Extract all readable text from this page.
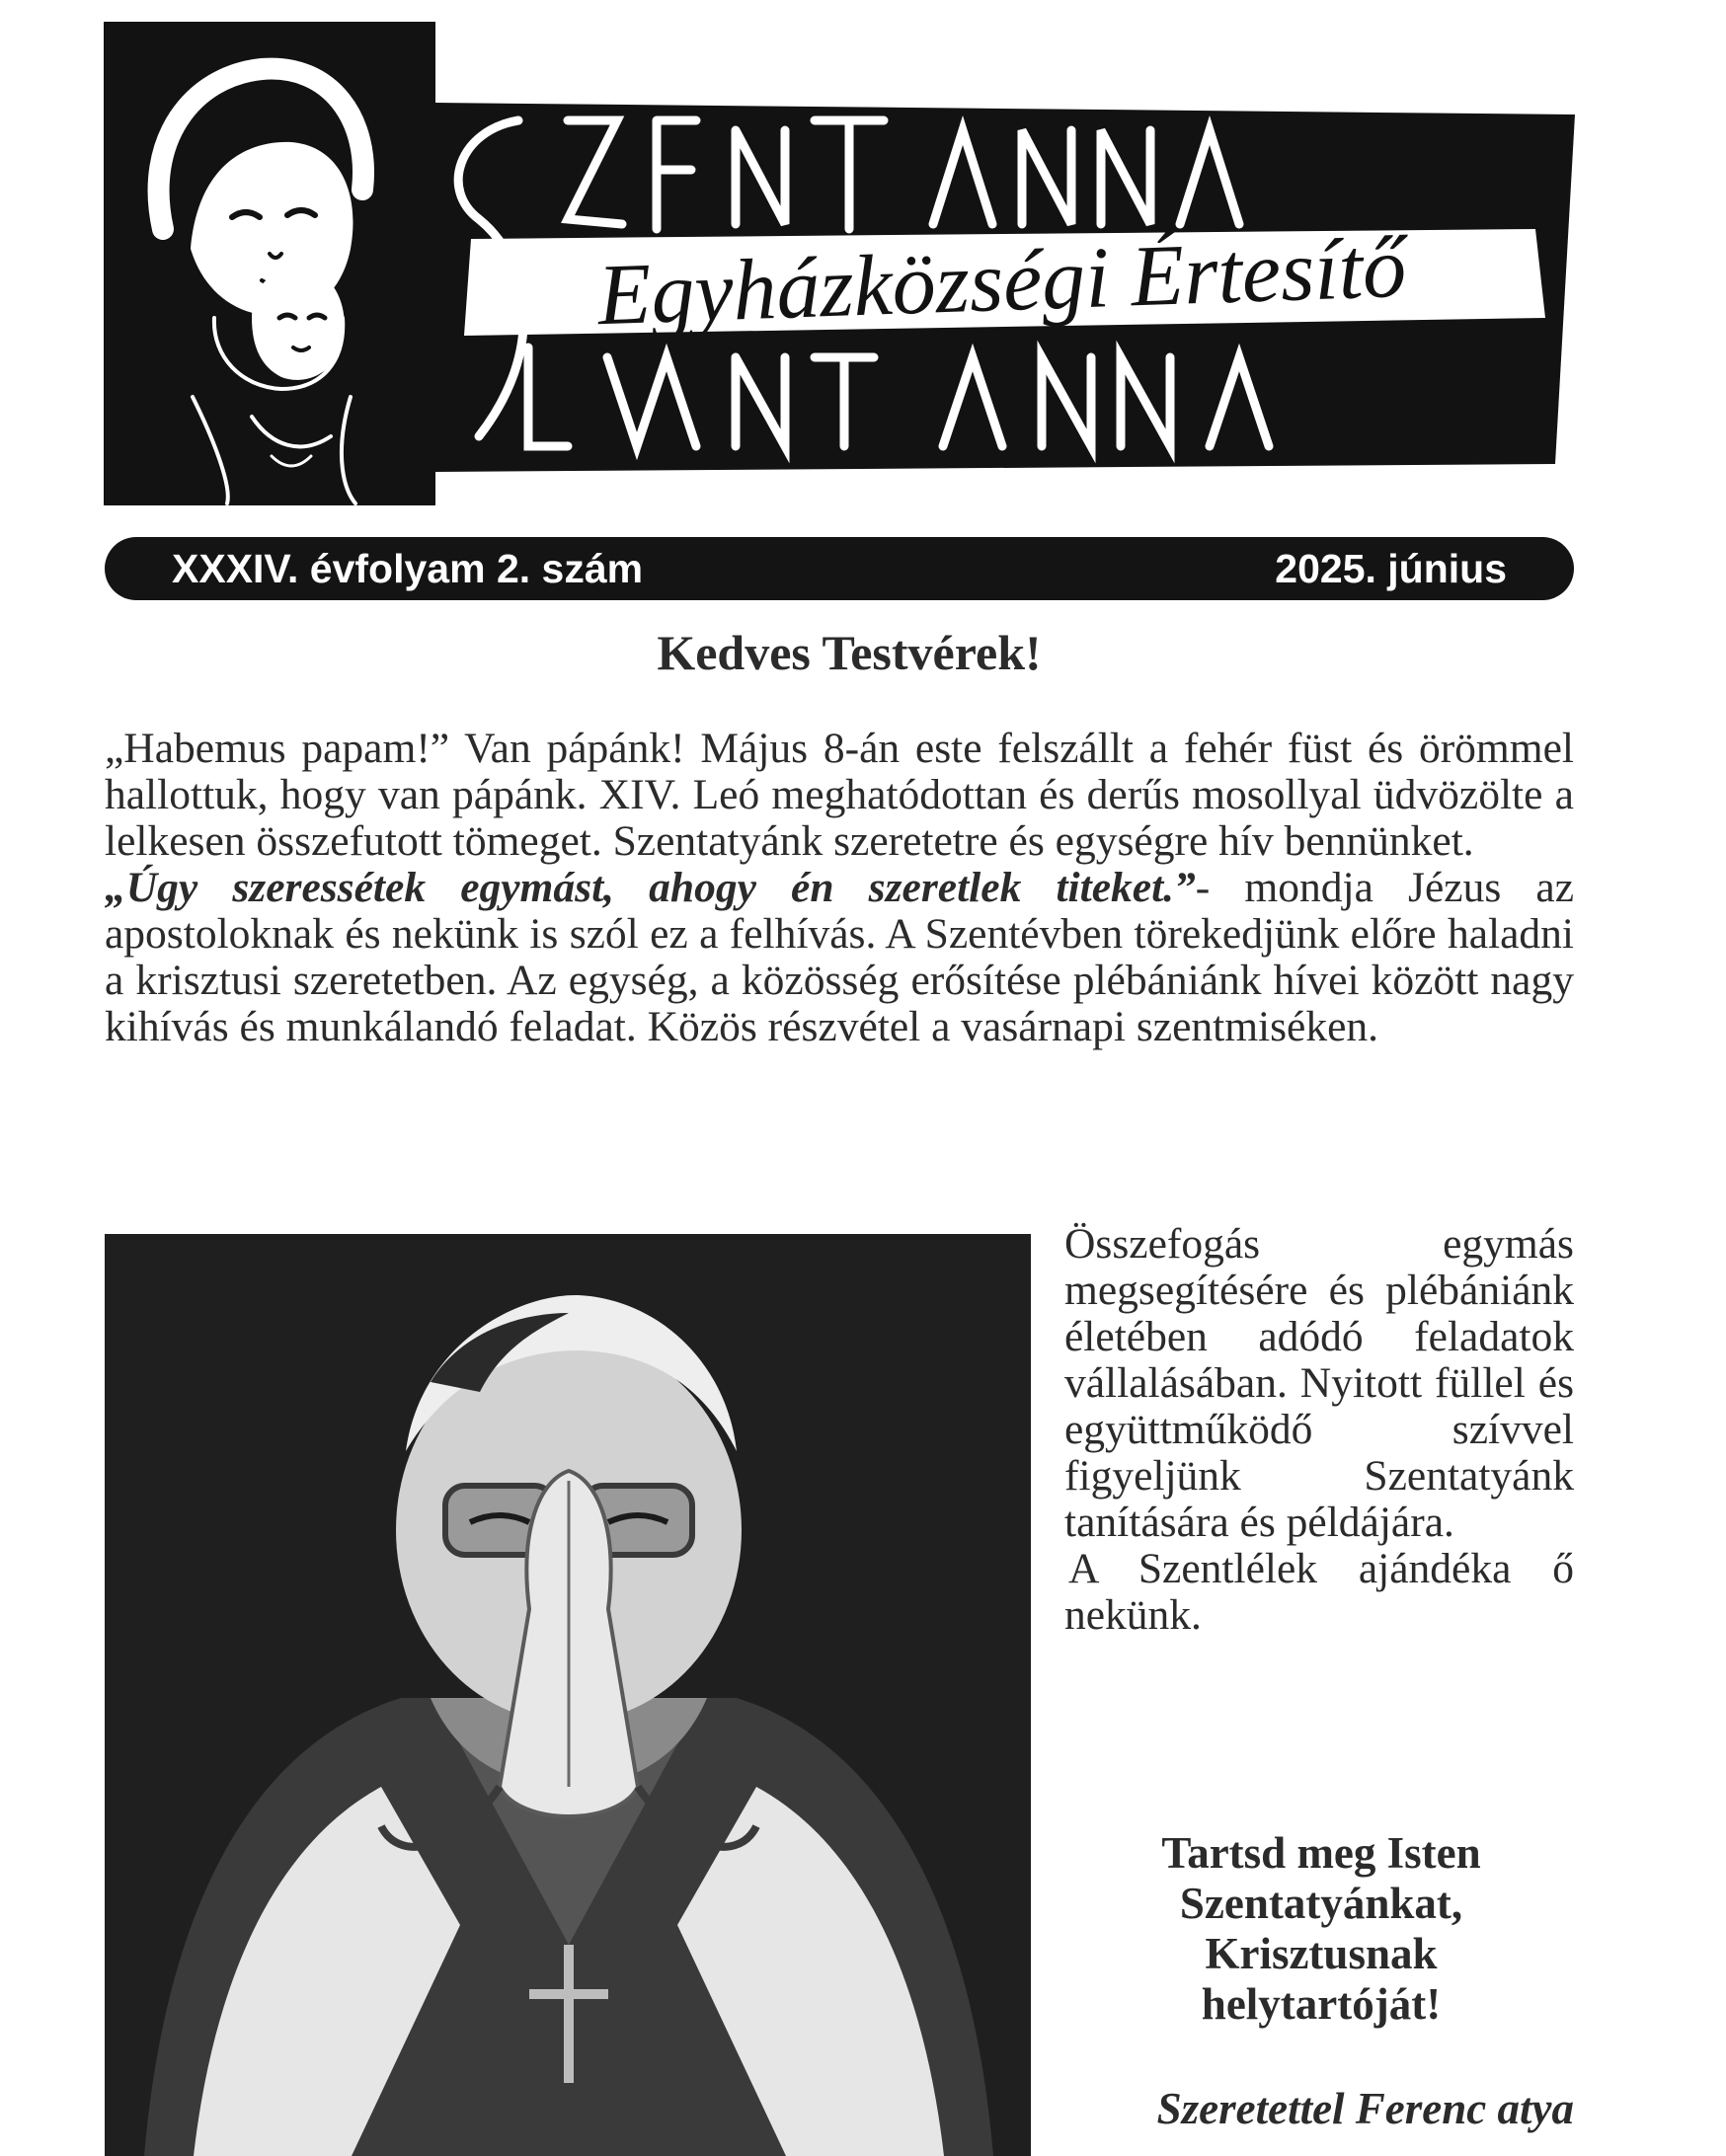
Egyházközségi Értesítő
XXXIV. évfolyam 2. szám	2025. június
Kedves Testvérek!

„Habemus papam!” Van pápánk! Május 8-án este felszállt a fehér füst és örömmel hallottuk, hogy van pápánk. XIV. Leó meghatódottan és derűs mosollyal üdvözölte a lelkesen összefutott tömeget. Szentatyánk szeretetre és egységre hív bennünket.
„Úgy szeressétek egymást, ahogy én szeretlek titeket.”- mondja Jézus az apostoloknak és nekünk is szól ez a felhívás. A Szentévben törekedjünk előre haladni a krisztusi szeretetben. Az egység, a közösség erősítése plébániánk hívei között nagy kihívás és munkálandó feladat. Közös részvétel a vasárnapi szentmiséken.

Összefogás egymás megsegítésére és plébániánk életében adódó feladatok vállalásában. Nyitott füllel és együttműködő szívvel figyeljünk Szentatyánk tanítására és példájára.
A Szentlélek ajándéka ő nekünk.

Tartsd meg Isten
Szentatyánkat,
Krisztusnak
helytartóját!
Szeretettel Ferenc atya
